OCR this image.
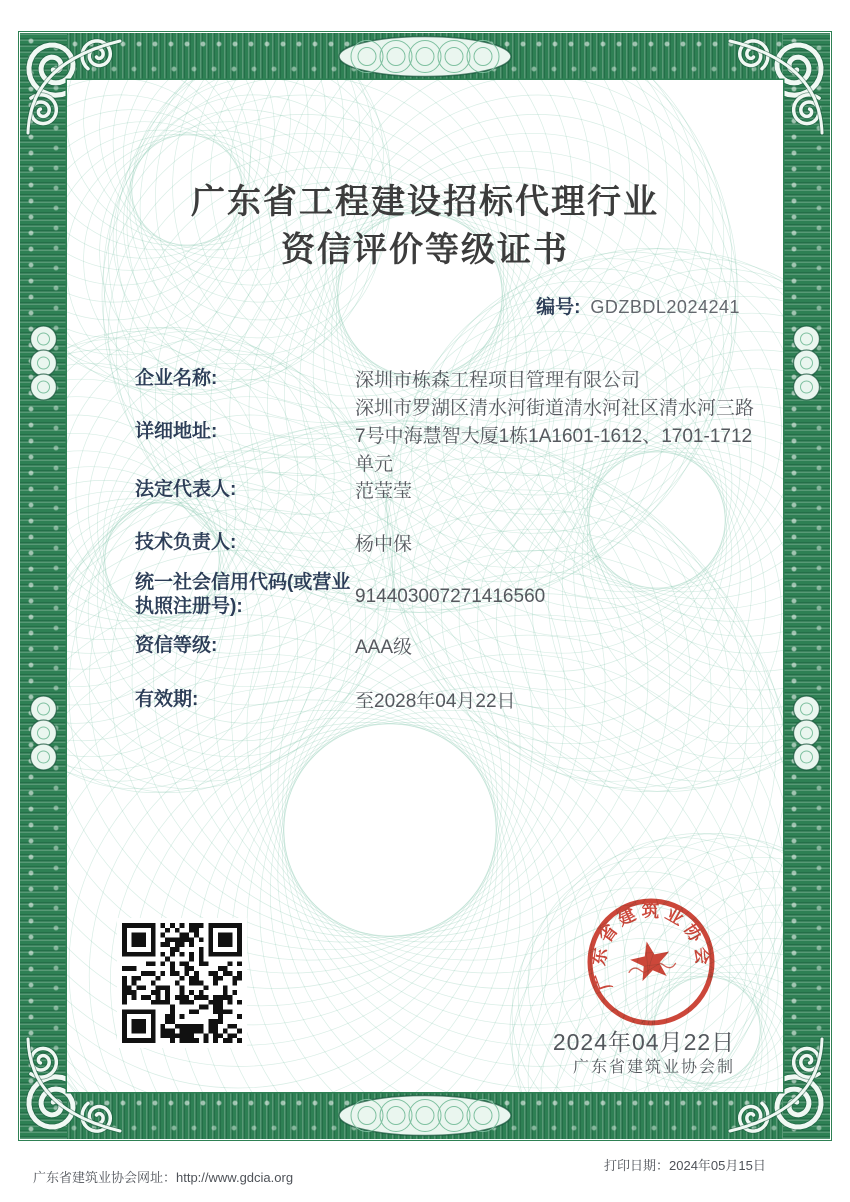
广东省工程建设招标代理行业
资信评价等级证书
编号: GDZBDL2024241
企业名称:	深圳市栋森工程项目管理有限公司
详细地址:
深圳市罗湖区清水河街道清水河社区清水河三路7号中海慧智大厦1栋1A1601-1612、1701-1712单元
法定代表人:	范莹莹
技术负责人:	杨中保
统一社会信用代码(或营业执照注册号):	914403007271416560
资信等级:	AAA级
有效期:	至2028年04月22日
广东省建筑业协会
2024年04月22日
广东省建筑业协会制
广东省建筑业协会网址：http://www.gdcia.org
打印日期：2024年05月15日
